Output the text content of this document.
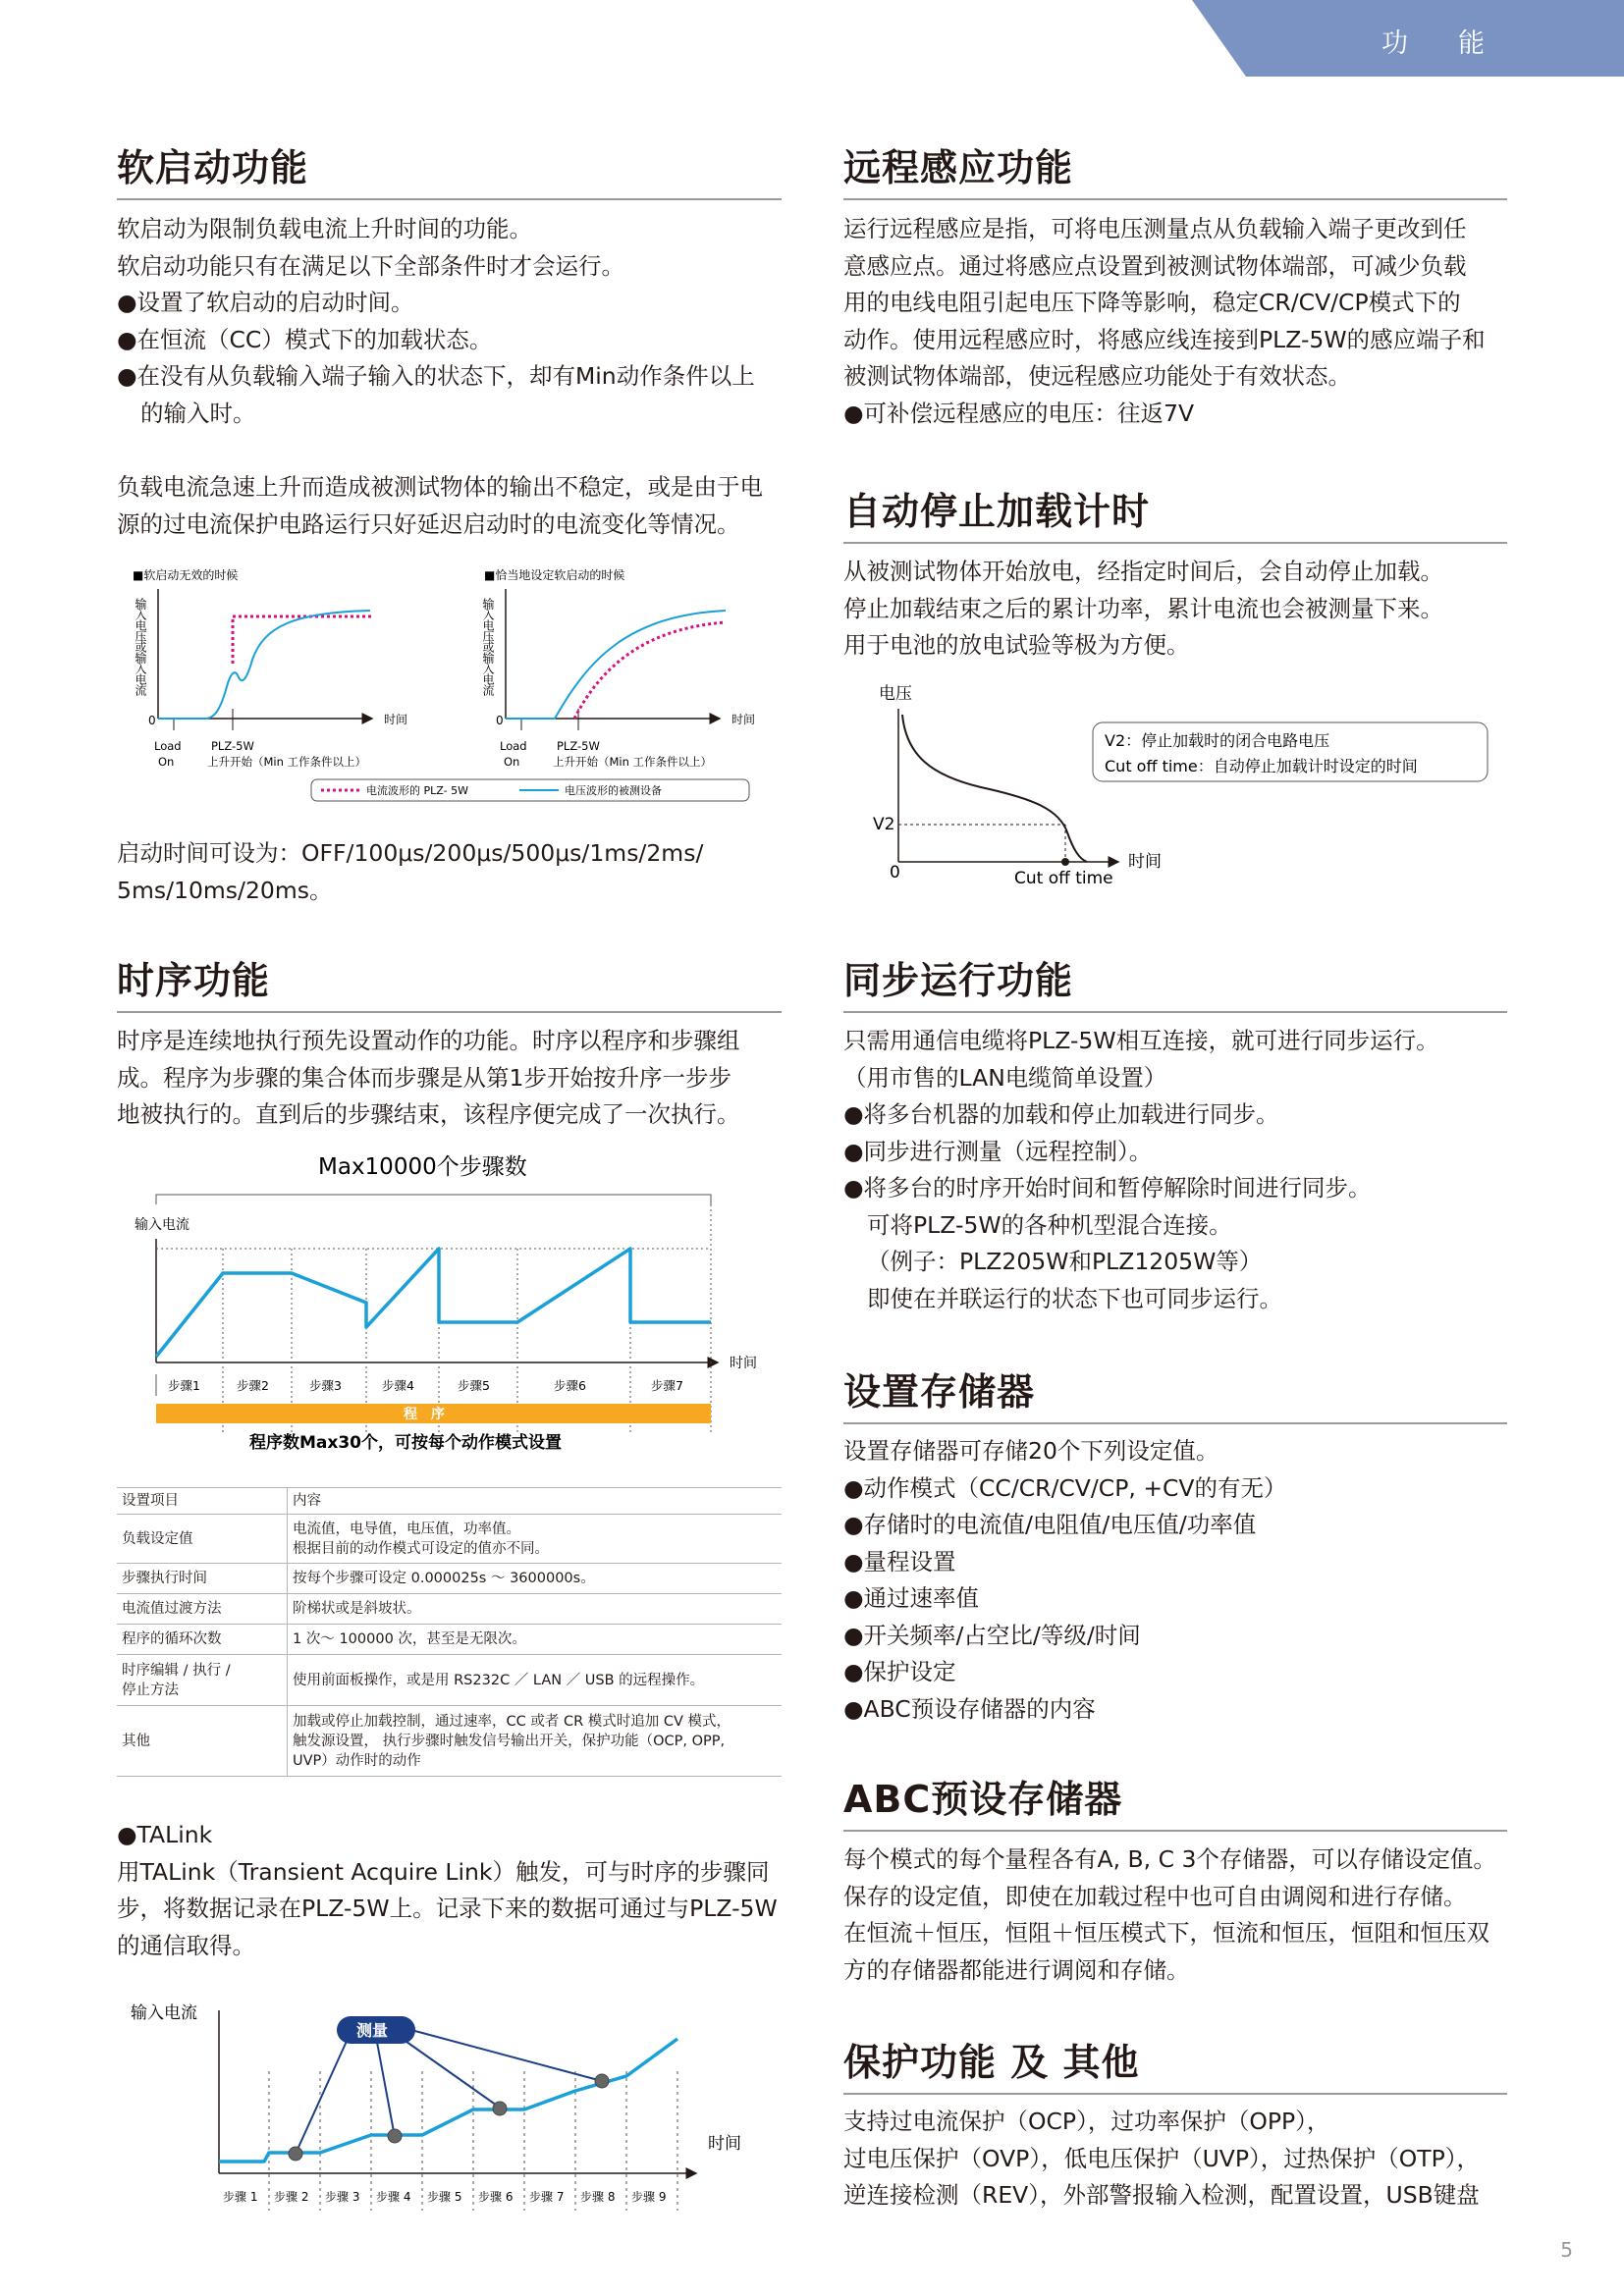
功　能
软启动功能

软启动为限制负载电流上升时间的功能。

软启动功能只有在满足以下全部条件时才会运行。

●设置了软启动的启动时间。

●在恒流（CC）模式下的加载状态。

●在没有从负载输入端子输入的状态下，却有Min动作条件以上

的输入时。

负载电流急速上升而造成被测试物体的输出不稳定，或是由于电

源的过电流保护电路运行只好延迟启动时的电流变化等情况。

■软启动无效的时候
输入电压或输入电流
0	时间
Load
On
PLZ-5W
上升开始（Min 工作条件以上）
■恰当地设定软启动的时候
输入电压或输入电流
0	时间
Load
On
PLZ-5W
上升开始（Min 工作条件以上）
电流波形的 PLZ- 5W	电压波形的被测设备

启动时间可设为：OFF/100μs/200μs/500μs/1ms/2ms/

5ms/10ms/20ms。

时序功能

时序是连续地执行预先设置动作的功能。时序以程序和步骤组

成。程序为步骤的集合体而步骤是从第1步开始按升序一步步

地被执行的。直到后的步骤结束，该程序便完成了一次执行。

Max10000个步骤数
输入电流
时间
步骤1	步骤2	步骤3	步骤4	步骤5	步骤6	步骤7
程　序
程序数Max30个，可按每个动作模式设置
设置项目	内容
负载设定值	电流值，电导值，电压值，功率值。
根据目前的动作模式可设定的值亦不同。

步骤执行时间	按每个步骤可设定 0.000025s ～ 3600000s。
电流值过渡方法	阶梯状或是斜坡状。
程序的循环次数	1 次～ 100000 次，甚至是无限次。

时序编辑 / 执行 /
停止方法	使用前面板操作，或是用 RS232C ／ LAN ／ USB 的远程操作。
其他	加载或停止加载控制，通过速率，CC 或者 CR 模式时追加 CV 模式，
触发源设置， 执行步骤时触发信号输出开关，保护功能（OCP, OPP,
UVP）动作时的动作

●TALink

用TALink（Transient Acquire Link）触发，可与时序的步骤同

步，将数据记录在PLZ-5W上。记录下来的数据可通过与PLZ-5W

的通信取得。

输入电流
时间
测量
步骤 1 步骤 2 步骤 3 步骤 4 步骤 5 步骤 6 步骤 7 步骤 8 步骤 9
远程感应功能

运行远程感应是指，可将电压测量点从负载输入端子更改到任

意感应点。通过将感应点设置到被测试物体端部，可减少负载

用的电线电阻引起电压下降等影响，稳定CR/CV/CP模式下的

动作。使用远程感应时，将感应线连接到PLZ-5W的感应端子和

被测试物体端部，使远程感应功能处于有效状态。

●可补偿远程感应的电压：往返7V

自动停止加载计时

从被测试物体开始放电，经指定时间后，会自动停止加载。

停止加载结束之后的累计功率，累计电流也会被测量下来。

用于电池的放电试验等极为方便。

电压
时间
V2
0	Cut off time
V2：停止加载时的闭合电路电压
Cut off time：自动停止加载计时设定的时间
同步运行功能

只需用通信电缆将PLZ-5W相互连接，就可进行同步运行。

（用市售的LAN电缆简单设置）

●将多台机器的加载和停止加载进行同步。

●同步进行测量（远程控制）。

●将多台的时序开始时间和暂停解除时间进行同步。

可将PLZ-5W的各种机型混合连接。

（例子：PLZ205W和PLZ1205W等）

即使在并联运行的状态下也可同步运行。

设置存储器

设置存储器可存储20个下列设定值。

●动作模式（CC/CR/CV/CP, +CV的有无）

●存储时的电流值/电阻值/电压值/功率值

●量程设置

●通过速率值

●开关频率/占空比/等级/时间

●保护设定

●ABC预设存储器的内容

ABC预设存储器

每个模式的每个量程各有A, B, C 3个存储器，可以存储设定值。

保存的设定值，即使在加载过程中也可自由调阅和进行存储。

在恒流＋恒压，恒阻＋恒压模式下，恒流和恒压，恒阻和恒压双

方的存储器都能进行调阅和存储。

保护功能 及 其他

支持过电流保护（OCP），过功率保护（OPP），

过电压保护（OVP），低电压保护（UVP），过热保护（OTP），

逆连接检测（REV），外部警报输入检测，配置设置，USB键盘

5
